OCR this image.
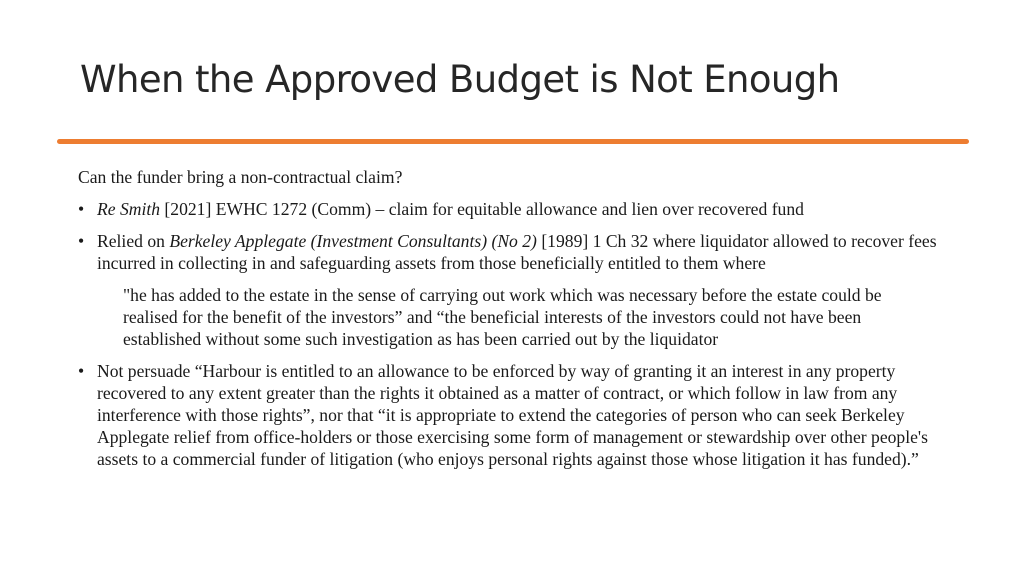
When the Approved Budget is Not Enough

Can the funder bring a non-contractual claim?

• Re Smith [2021] EWHC 1272 (Comm) – claim for equitable allowance and lien over recovered fund
• Relied on Berkeley Applegate (Investment Consultants) (No 2) [1989] 1 Ch 32 where liquidator allowed to recover fees incurred in collecting in and safeguarding assets from those beneficially entitled to them where

"he has added to the estate in the sense of carrying out work which was necessary before the estate could be realised for the benefit of the investors” and “the beneficial interests of the investors could not have been established without some such investigation as has been carried out by the liquidator

• Not persuade “Harbour is entitled to an allowance to be enforced by way of granting it an interest in any property recovered to any extent greater than the rights it obtained as a matter of contract, or which follow in law from any interference with those rights”, nor that “it is appropriate to extend the categories of person who can seek Berkeley Applegate relief from office-holders or those exercising some form of management or stewardship over other people's assets to a commercial funder of litigation (who enjoys personal rights against those whose litigation it has funded).”
